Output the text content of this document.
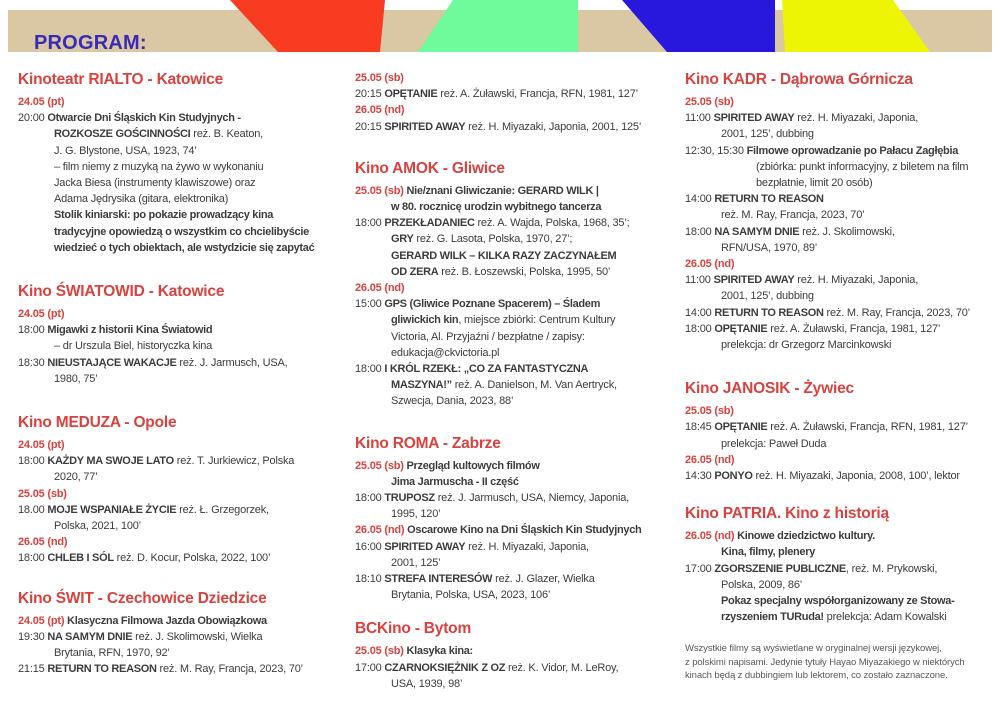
PROGRAM:
Kinoteatr RIALTO - Katowice
24.05 (pt)
20:00 Otwarcie Dni Śląskich Kin Studyjnych -
ROZKOSZE GOŚCINNOŚCI reż. B. Keaton,
J. G. Blystone, USA, 1923, 74’
– film niemy z muzyką na żywo w wykonaniu
Jacka Biesa (instrumenty klawiszowe) oraz
Adama Jędrysika (gitara, elektronika)
Stolik kiniarski: po pokazie prowadzący kina
tradycyjne opowiedzą o wszystkim co chcielibyście
wiedzieć o tych obiektach, ale wstydzicie się zapytać
Kino ŚWIATOWID - Katowice
24.05 (pt)
18:00 Migawki z historii Kina Światowid
– dr Urszula Biel, historyczka kina
18:30 NIEUSTAJĄCE WAKACJE reż. J. Jarmusch, USA,
1980, 75’
Kino MEDUZA - Opole
24.05 (pt)
18:00 KAŻDY MA SWOJE LATO reż. T. Jurkiewicz, Polska
2020, 77’
25.05 (sb)
18.00 MOJE WSPANIAŁE ŻYCIE reż. Ł. Grzegorzek,
Polska, 2021, 100’
26.05 (nd)
18:00 CHLEB I SÓL reż. D. Kocur, Polska, 2022, 100’
Kino ŚWIT - Czechowice Dziedzice
24.05 (pt) Klasyczna Filmowa Jazda Obowiązkowa
19:30 NA SAMYM DNIE reż. J. Skolimowski, Wielka
Brytania, RFN, 1970, 92’
21:15 RETURN TO REASON reż. M. Ray, Francja, 2023, 70’
25.05 (sb)
20:15 OPĘTANIE reż. A. Żuławski, Francja, RFN, 1981, 127’
26.05 (nd)
20:15 SPIRITED AWAY reż. H. Miyazaki, Japonia, 2001, 125’
Kino AMOK - Gliwice
25.05 (sb) Nie/znani Gliwiczanie: GERARD WILK |
w 80. rocznicę urodzin wybitnego tancerza
18:00 PRZEKŁADANIEC reż. A. Wajda, Polska, 1968, 35’;
GRY reż. G. Lasota, Polska, 1970, 27’;
GERARD WILK – KILKA RAZY ZACZYNAŁEM
OD ZERA reż. B. Łoszewski, Polska, 1995, 50’
26.05 (nd)
15:00 GPS (Gliwice Poznane Spacerem) – Śladem
gliwickich kin, miejsce zbiórki: Centrum Kultury
Victoria, Al. Przyjaźni / bezpłatne / zapisy:
edukacja@ckvictoria.pl
18:00 I KRÓL RZEKŁ: „CO ZA FANTASTYCZNA
MASZYNA!” reż. A. Danielson, M. Van Aertryck,
Szwecja, Dania, 2023, 88’
Kino ROMA - Zabrze
25.05 (sb) Przegląd kultowych filmów
Jima Jarmuscha - II część
18:00 TRUPOSZ reż. J. Jarmusch, USA, Niemcy, Japonia,
1995, 120’
26.05 (nd) Oscarowe Kino na Dni Śląskich Kin Studyjnych
16:00 SPIRITED AWAY reż. H. Miyazaki, Japonia,
2001, 125’
18:10 STREFA INTERESÓW reż. J. Glazer, Wielka
Brytania, Polska, USA, 2023, 106’
BCKino - Bytom
25.05 (sb) Klasyka kina:
17:00 CZARNOKSIĘŻNIK Z OZ reż. K. Vidor, M. LeRoy,
USA, 1939, 98’
Kino KADR - Dąbrowa Górnicza
25.05 (sb)
11:00 SPIRITED AWAY reż. H. Miyazaki, Japonia,
2001, 125’, dubbing
12:30, 15:30 Filmowe oprowadzanie po Pałacu Zagłębia
(zbiórka: punkt informacyjny, z biletem na film
bezpłatnie, limit 20 osób)
14:00 RETURN TO REASON
reż. M. Ray, Francja, 2023, 70’
18:00 NA SAMYM DNIE reż. J. Skolimowski,
RFN/USA, 1970, 89’
26.05 (nd)
11:00 SPIRITED AWAY reż. H. Miyazaki, Japonia,
2001, 125’, dubbing
14:00 RETURN TO REASON reż. M. Ray, Francja, 2023, 70’
18:00 OPĘTANIE reż. A. Żuławski, Francja, 1981, 127’
prelekcja: dr Grzegorz Marcinkowski
Kino JANOSIK - Żywiec
25.05 (sb)
18:45 OPĘTANIE reż. A. Żuławski, Francja, RFN, 1981, 127’
prelekcja: Paweł Duda
26.05 (nd)
14:30 PONYO reż. H. Miyazaki, Japonia, 2008, 100’, lektor
Kino PATRIA. Kino z historią
26.05 (nd) Kinowe dziedzictwo kultury.
Kina, filmy, plenery
17:00 ZGORSZENIE PUBLICZNE, reż. M. Prykowski,
Polska, 2009, 86’
Pokaz specjalny współorganizowany ze Stowa-
rzyszeniem TURuda! prelekcja: Adam Kowalski
Wszystkie filmy są wyświetlane w oryginalnej wersji językowej,
z polskimi napisami. Jedynie tytuły Hayao Miyazakiego w niektórych
kinach będą z dubbingiem lub lektorem, co zostało zaznaczone.
